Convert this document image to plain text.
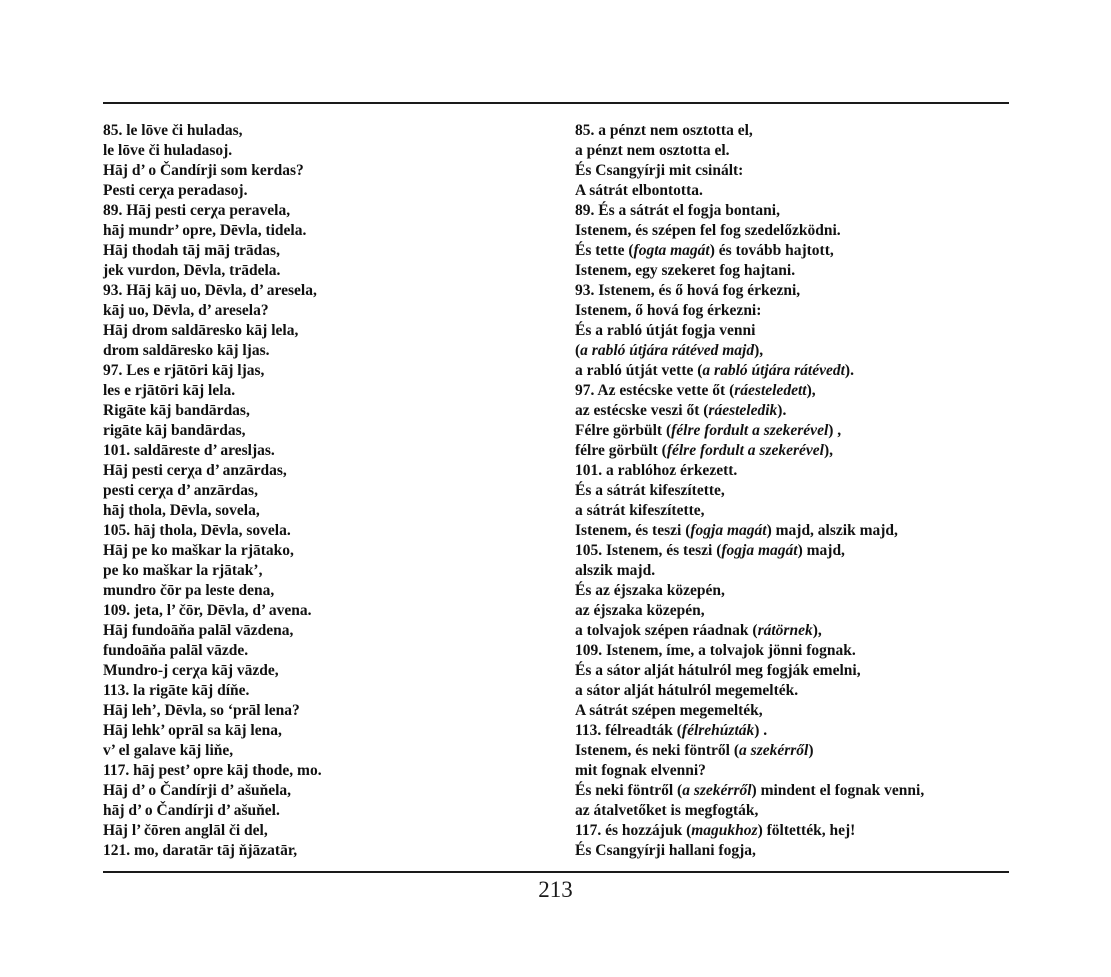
85. le lōve či huladas,
le lōve či huladasoj.
Hāj d’ o Čandírji som kerdas?
Pesti cerχa peradasoj.
89. Hāj pesti cerχa peravela,
hāj mundr’ opre, Dēvla, tidela.
Hāj thodah tāj māj trādas,
jek vurdon, Dēvla, trādela.
93. Hāj kāj uo, Dēvla, d’ aresela,
kāj uo, Dēvla, d’ aresela?
Hāj drom saldāresko kāj lela,
drom saldāresko kāj ljas.
97. Les e rjātōri kāj ljas,
les e rjātōri kāj lela.
Rigāte kāj bandārdas,
rigāte kāj bandārdas,
101. saldāreste d’ aresljas.
Hāj pesti cerχa d’ anzārdas,
pesti cerχa d’ anzārdas,
hāj thola, Dēvla, sovela,
105. hāj thola, Dēvla, sovela.
Hāj pe ko maškar la rjātako,
pe ko maškar la rjātak’,
mundro čōr pa leste dena,
109. jeta, l’ čōr, Dēvla, d’ avena.
Hāj fundoāňa palāl vāzdena,
fundoāňa palāl vāzde.
Mundro-j cerχa kāj vāzde,
113. la rigāte kāj díňe.
Hāj leh’, Dēvla, so ‘prāl lena?
Hāj lehk’ oprāl sa kāj lena,
v’ el galave kāj liňe,
117. hāj pest’ opre kāj thode, mo.
Hāj d’ o Čandírji d’ ašuňela,
hāj d’ o Čandírji d’ ašuňel.
Hāj l’ čōren anglāl či del,
121. mo, daratār tāj ňjāzatār,
85. a pénzt nem osztotta el,
a pénzt nem osztotta el.
És Csangyírji mit csinált:
A sátrát elbontotta.
89. És a sátrát el fogja bontani,
Istenem, és szépen fel fog szedelőzködni.
És tette (fogta magát) és tovább hajtott,
Istenem, egy szekeret fog hajtani.
93. Istenem, és ő hová fog érkezni,
Istenem, ő hová fog érkezni:
És a rabló útját fogja venni
(a rabló útjára rátéved majd),
a rabló útját vette (a rabló útjára rátévedt).
97. Az estécske vette őt (ráesteledett),
az estécske veszi őt (ráesteledik).
Félre görbült (félre fordult a szekerével) ,
félre görbült (félre fordult a szekerével),
101. a rablóhoz érkezett.
És a sátrát kifeszítette,
a sátrát kifeszítette,
Istenem, és teszi (fogja magát) majd, alszik majd,
105. Istenem, és teszi (fogja magát) majd,
alszik majd.
És az éjszaka közepén,
az éjszaka közepén,
a tolvajok szépen ráadnak (rátörnek),
109. Istenem, íme, a tolvajok jönni fognak.
És a sátor alját hátulról meg fogják emelni,
a sátor alját hátulról megemelték.
A sátrát szépen megemelték,
113. félreadták (félrehúzták) .
Istenem, és neki föntről (a szekérről)
mit fognak elvenni?
És neki föntről (a szekérről) mindent el fognak venni,
az átalvetőket is megfogták,
117. és hozzájuk (magukhoz) föltették, hej!
És Csangyírji hallani fogja,
213
